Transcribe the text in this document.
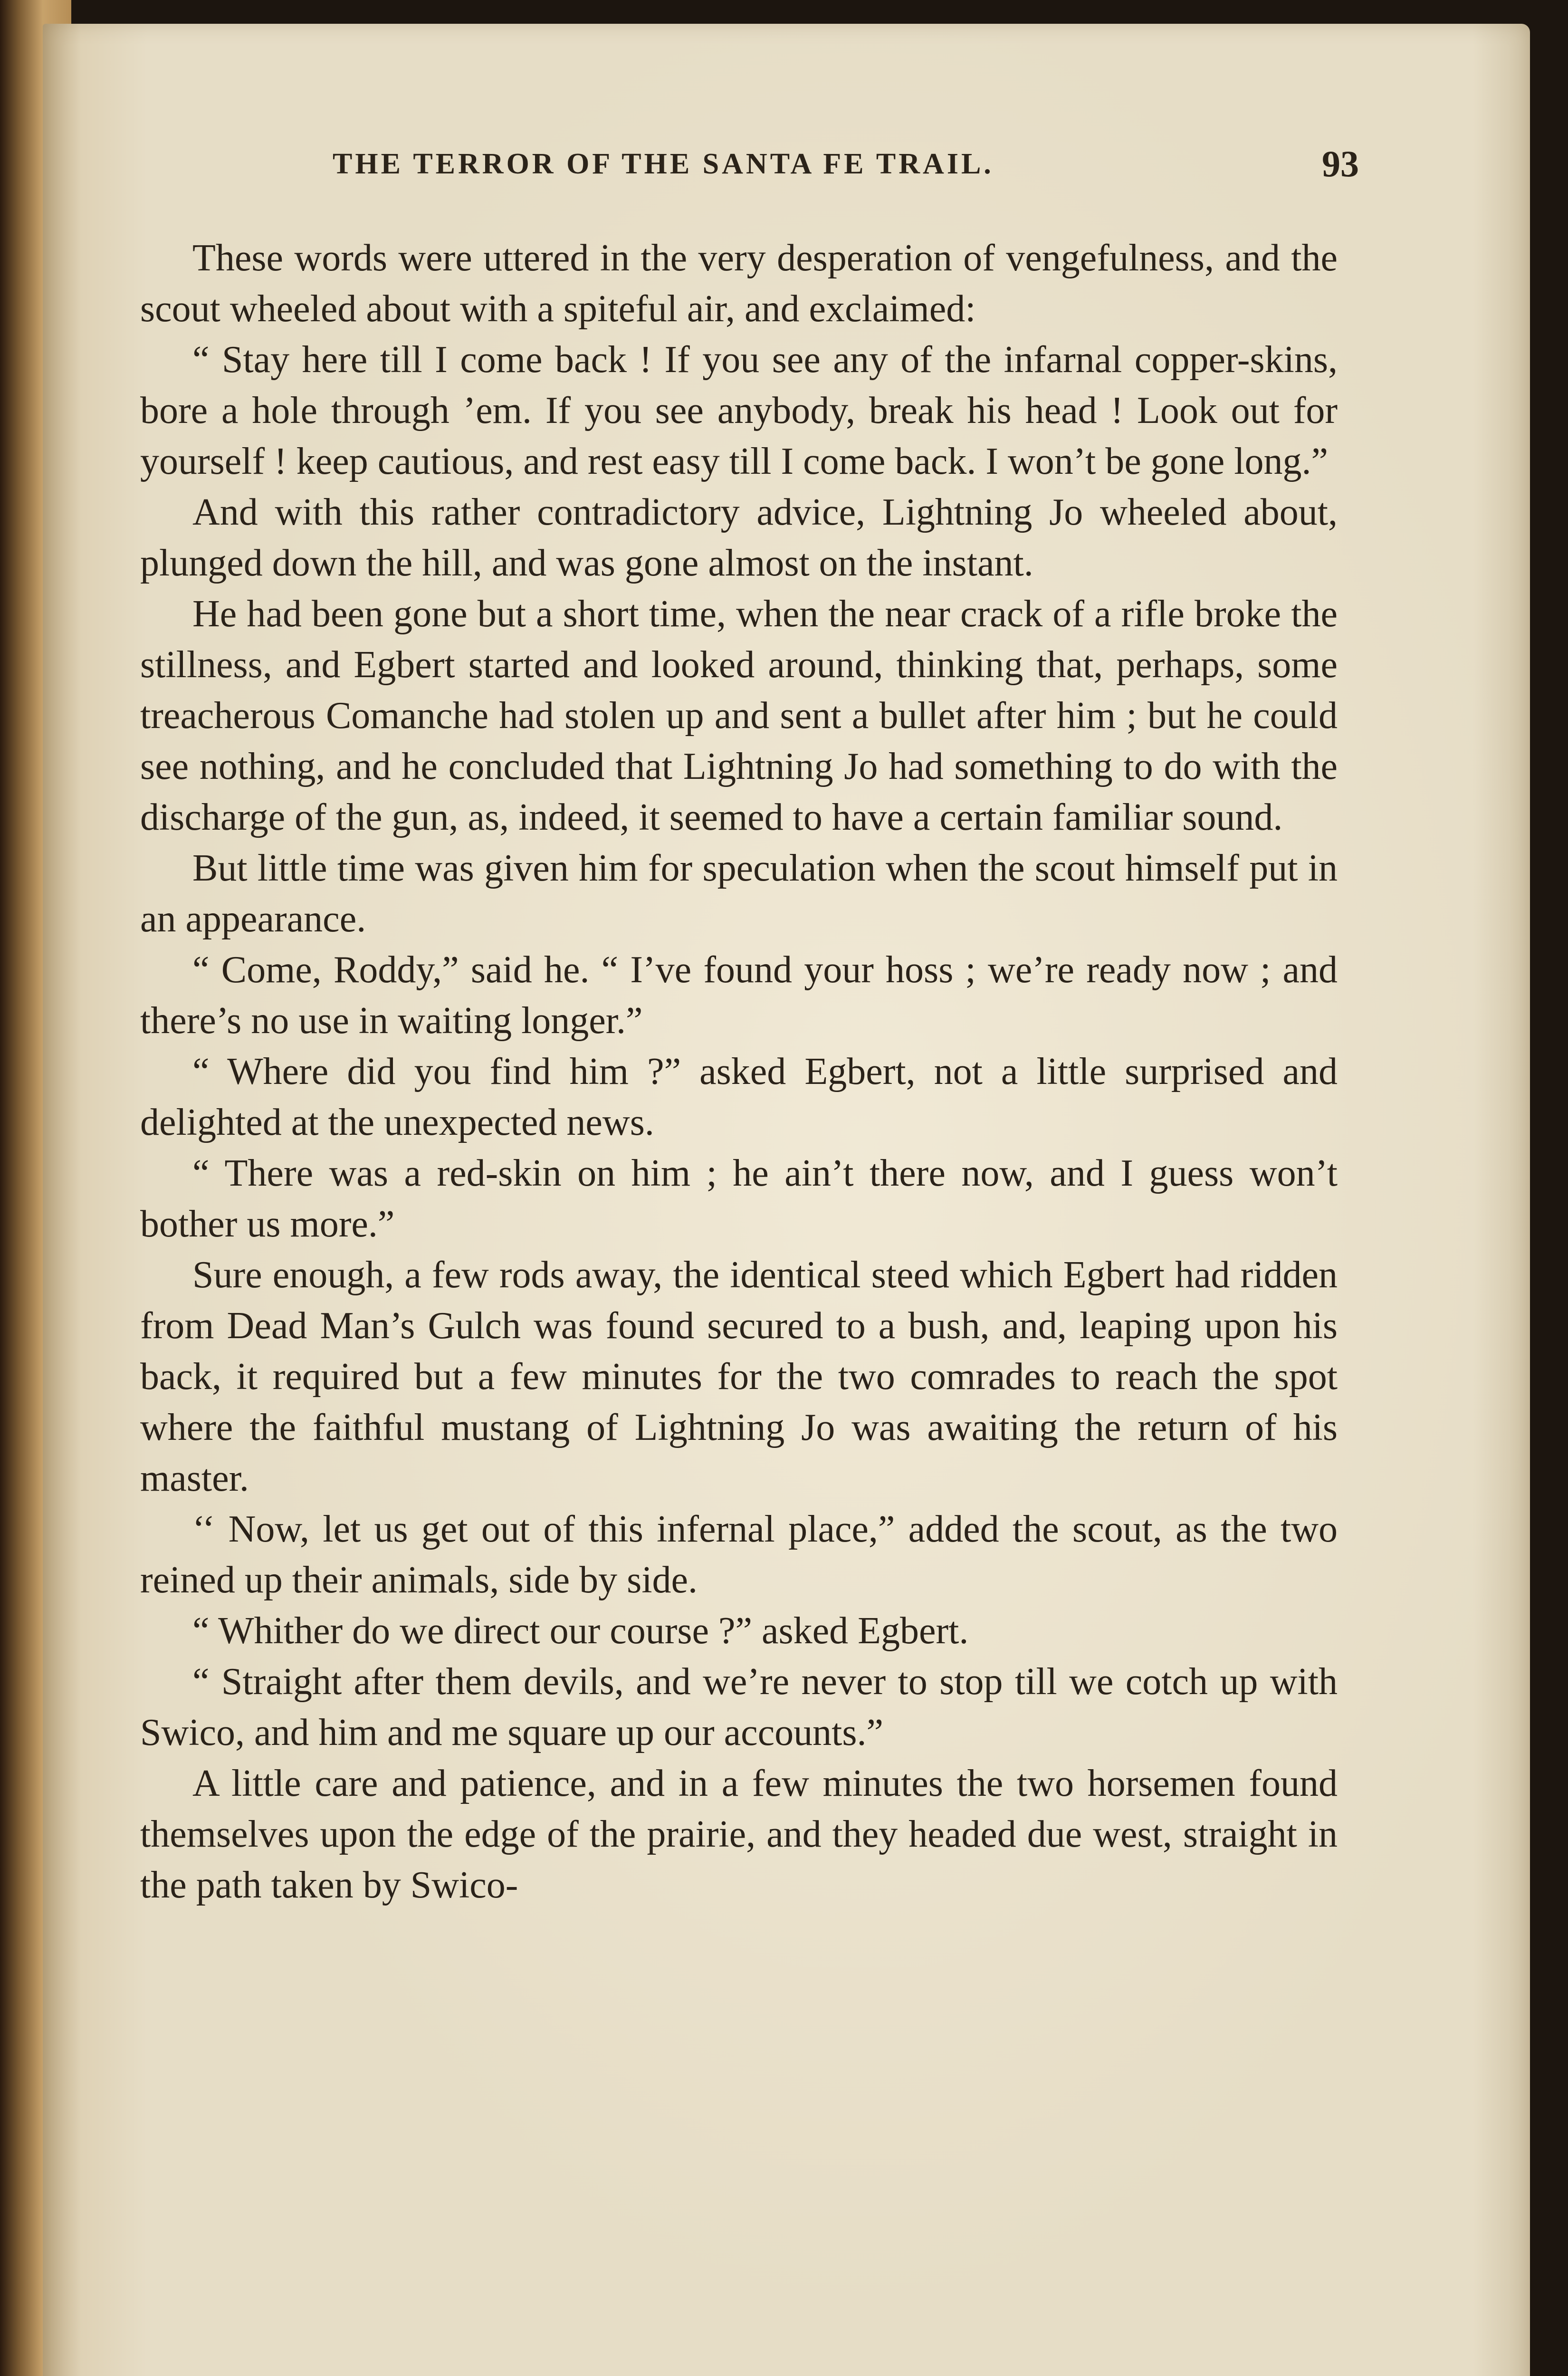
THE TERROR OF THE SANTA FE TRAIL.	93

These words were uttered in the very desperation of vengefulness, and the scout wheeled about with a spiteful air, and exclaimed:

“ Stay here till I come back ! If you see any of the infarnal copper-skins, bore a hole through ’em. If you see anybody, break his head ! Look out for yourself ! keep cautious, and rest easy till I come back. I won’t be gone long.”

And with this rather contradictory advice, Lightning Jo wheeled about, plunged down the hill, and was gone almost on the instant.

He had been gone but a short time, when the near crack of a rifle broke the stillness, and Egbert started and looked around, thinking that, perhaps, some treacherous Comanche had stolen up and sent a bullet after him ; but he could see nothing, and he concluded that Lightning Jo had something to do with the discharge of the gun, as, indeed, it seemed to have a certain familiar sound.

But little time was given him for speculation when the scout himself put in an appearance.

“ Come, Roddy,” said he. “ I’ve found your hoss ; we’re ready now ; and there’s no use in waiting longer.”

“ Where did you find him ?” asked Egbert, not a little surprised and delighted at the unexpected news.

“ There was a red-skin on him ; he ain’t there now, and I guess won’t bother us more.”

Sure enough, a few rods away, the identical steed which Egbert had ridden from Dead Man’s Gulch was found secured to a bush, and, leaping upon his back, it required but a few minutes for the two comrades to reach the spot where the faithful mustang of Lightning Jo was awaiting the return of his master.

‘‘ Now, let us get out of this infernal place,” added the scout, as the two reined up their animals, side by side.

“ Whither do we direct our course ?” asked Egbert.

“ Straight after them devils, and we’re never to stop till we cotch up with Swico, and him and me square up our accounts.”

A little care and patience, and in a few minutes the two horsemen found themselves upon the edge of the prairie, and they headed due west, straight in the path taken by Swico-
